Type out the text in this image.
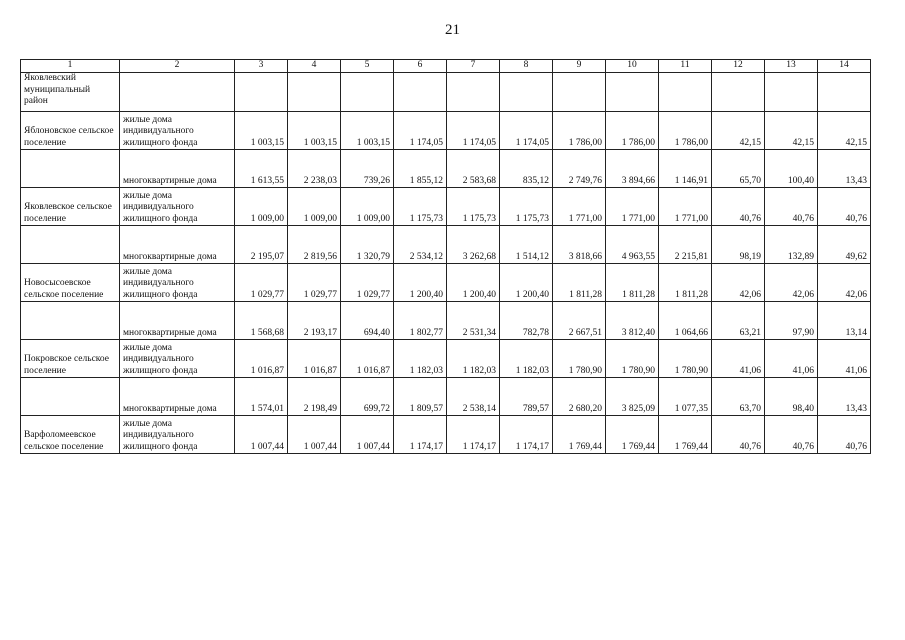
21
1	2	3	4	5	6	7	8	9	10	11	12	13	14
Яковлевский муниципальный район													
Яблоновское сельское поселение	жилые дома индивидуального жилищного фонда	1 003,15	1 003,15	1 003,15	1 174,05	1 174,05	1 174,05	1 786,00	1 786,00	1 786,00	42,15	42,15	42,15
	многоквартирные дома	1 613,55	2 238,03	739,26	1 855,12	2 583,68	835,12	2 749,76	3 894,66	1 146,91	65,70	100,40	13,43
Яковлевское сельское поселение	жилые дома индивидуального жилищного фонда	1 009,00	1 009,00	1 009,00	1 175,73	1 175,73	1 175,73	1 771,00	1 771,00	1 771,00	40,76	40,76	40,76
	многоквартирные дома	2 195,07	2 819,56	1 320,79	2 534,12	3 262,68	1 514,12	3 818,66	4 963,55	2 215,81	98,19	132,89	49,62
Новосысоевское сельское поселение	жилые дома индивидуального жилищного фонда	1 029,77	1 029,77	1 029,77	1 200,40	1 200,40	1 200,40	1 811,28	1 811,28	1 811,28	42,06	42,06	42,06
	многоквартирные дома	1 568,68	2 193,17	694,40	1 802,77	2 531,34	782,78	2 667,51	3 812,40	1 064,66	63,21	97,90	13,14
Покровское сельское поселение	жилые дома индивидуального жилищного фонда	1 016,87	1 016,87	1 016,87	1 182,03	1 182,03	1 182,03	1 780,90	1 780,90	1 780,90	41,06	41,06	41,06
	многоквартирные дома	1 574,01	2 198,49	699,72	1 809,57	2 538,14	789,57	2 680,20	3 825,09	1 077,35	63,70	98,40	13,43
Варфоломеевское сельское поселение	жилые дома индивидуального жилищного фонда	1 007,44	1 007,44	1 007,44	1 174,17	1 174,17	1 174,17	1 769,44	1 769,44	1 769,44	40,76	40,76	40,76
